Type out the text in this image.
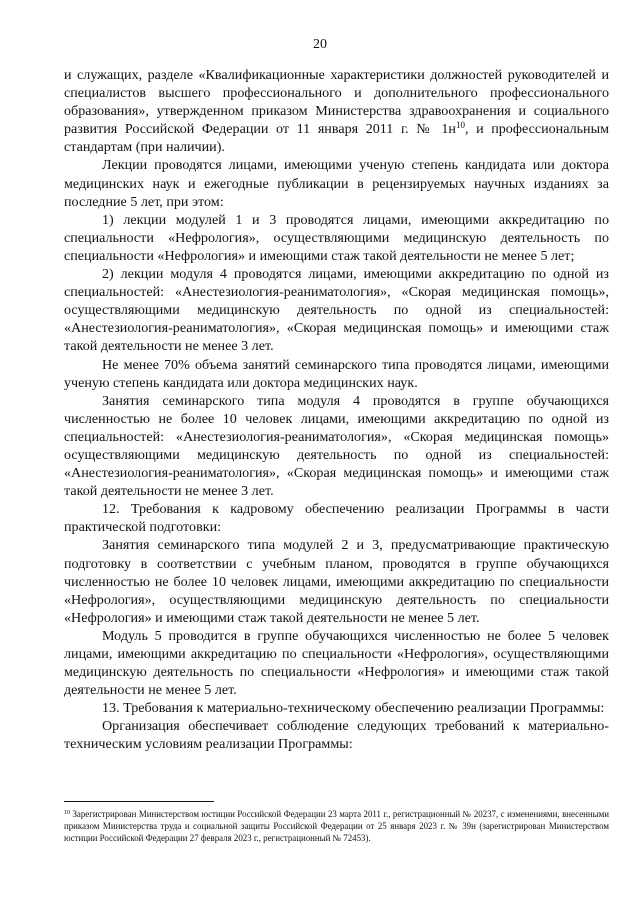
20

и служащих, разделе «Квалификационные характеристики должностей руководителей и специалистов высшего профессионального и дополнительного профессионального образования», утвержденном приказом Министерства здравоохранения и социального развития Российской Федерации от 11 января 2011 г. № $1н^{10}$, и профессиональным стандартам (при наличии).

Лекции проводятся лицами, имеющими ученую степень кандидата или доктора медицинских наук и ежегодные публикации в рецензируемых научных изданиях за последние 5 лет, при этом:

1) лекции модулей 1 и 3 проводятся лицами, имеющими аккредитацию по специальности «Нефрология», осуществляющими медицинскую деятельность по специальности «Нефрология» и имеющими стаж такой деятельности не менее 5 лет;

2) лекции модуля 4 проводятся лицами, имеющими аккредитацию по одной из специальностей: «Анестезиология-реаниматология», «Скорая медицинская помощь», осуществляющими медицинскую деятельность по одной из специальностей: «Анестезиология-реаниматология», «Скорая медицинская помощь» и имеющими стаж такой деятельности не менее 3 лет.

Не менее 70% объема занятий семинарского типа проводятся лицами, имеющими ученую степень кандидата или доктора медицинских наук.

Занятия семинарского типа модуля 4 проводятся в группе обучающихся численностью не более 10 человек лицами, имеющими аккредитацию по одной из специальностей: «Анестезиология-реаниматология», «Скорая медицинская помощь» осуществляющими медицинскую деятельность по одной из специальностей: «Анестезиология-реаниматология», «Скорая медицинская помощь» и имеющими стаж такой деятельности не менее 3 лет.

12. Требования к кадровому обеспечению реализации Программы в части практической подготовки:

Занятия семинарского типа модулей 2 и 3, предусматривающие практическую подготовку в соответствии с учебным планом, проводятся в группе обучающихся численностью не более 10 человек лицами, имеющими аккредитацию по специальности «Нефрология», осуществляющими медицинскую деятельность по специальности «Нефрология» и имеющими стаж такой деятельности не менее 5 лет.

Модуль 5 проводится в группе обучающихся численностью не более 5 человек лицами, имеющими аккредитацию по специальности «Нефрология», осуществляющими медицинскую деятельность по специальности «Нефрология» и имеющими стаж такой деятельности не менее 5 лет.

13. Требования к материально-техническому обеспечению реализации Программы:

Организация обеспечивает соблюдение следующих требований к материально-техническим условиям реализации Программы:

$^{10}$ Зарегистрирован Министерством юстиции Российской Федерации 23 марта 2011 г., регистрационный № 20237, с изменениями, внесенными приказом Министерства труда и социальной защиты Российской Федерации от 25 января 2023 г. № 39н (зарегистрирован Министерством юстиции Российской Федерации 27 февраля 2023 г., регистрационный № 72453).
